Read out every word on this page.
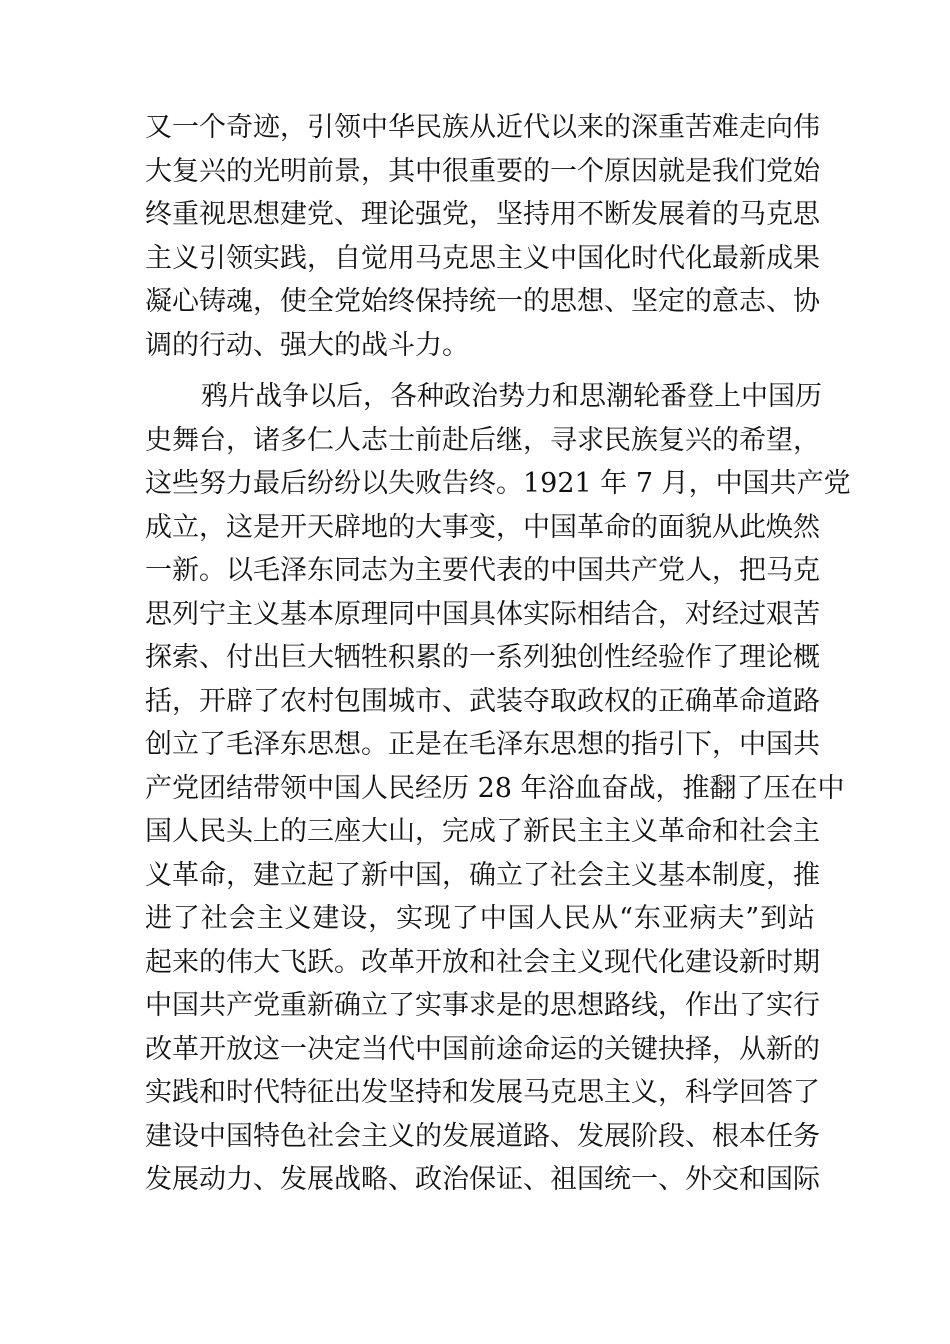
又一个奇迹，引领中华民族从近代以来的深重苦难走向伟
大复兴的光明前景，其中很重要的一个原因就是我们党始
终重视思想建党、理论强党，坚持用不断发展着的马克思
主义引领实践，自觉用马克思主义中国化时代化最新成果
凝心铸魂，使全党始终保持统一的思想、坚定的意志、协
调的行动、强大的战斗力。
鸦片战争以后，各种政治势力和思潮轮番登上中国历
史舞台，诸多仁人志士前赴后继，寻求民族复兴的希望，
这些努力最后纷纷以失败告终。1921 年 7 月，中国共产党
成立，这是开天辟地的大事变，中国革命的面貌从此焕然
一新。以毛泽东同志为主要代表的中国共产党人，把马克
思列宁主义基本原理同中国具体实际相结合，对经过艰苦
探索、付出巨大牺牲积累的一系列独创性经验作了理论概
括，开辟了农村包围城市、武装夺取政权的正确革命道路
创立了毛泽东思想。正是在毛泽东思想的指引下，中国共
产党团结带领中国人民经历 28 年浴血奋战，推翻了压在中
国人民头上的三座大山，完成了新民主主义革命和社会主
义革命，建立起了新中国，确立了社会主义基本制度，推
进了社会主义建设，实现了中国人民从“东亚病夫”到站
起来的伟大飞跃。改革开放和社会主义现代化建设新时期
中国共产党重新确立了实事求是的思想路线，作出了实行
改革开放这一决定当代中国前途命运的关键抉择，从新的
实践和时代特征出发坚持和发展马克思主义，科学回答了
建设中国特色社会主义的发展道路、发展阶段、根本任务
发展动力、发展战略、政治保证、祖国统一、外交和国际
